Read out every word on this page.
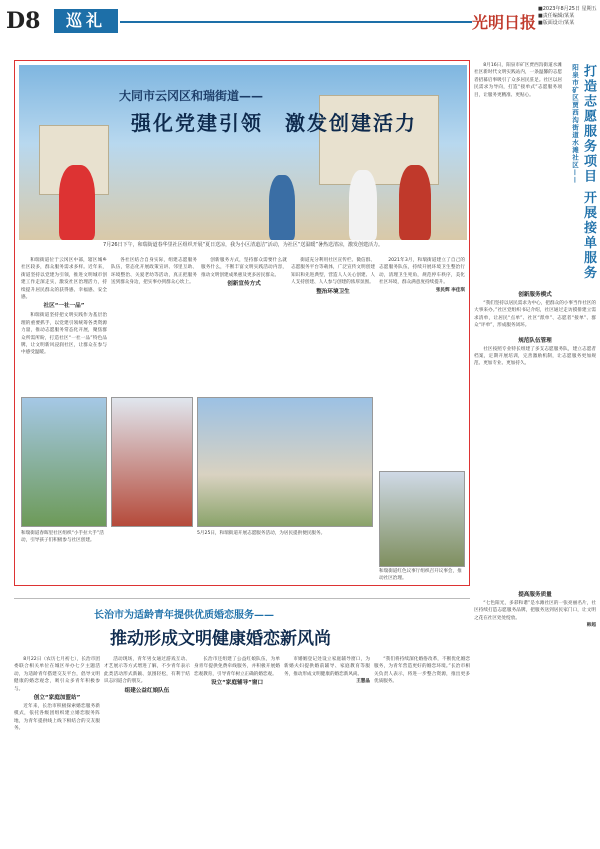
D8	巡礼	光明日报
■2023年8月25日 星期五
■责任编辑/某某
■版面设计/某某
大同市云冈区和瑞街道——
强化党建引领　激发创建活力
7月26日下午，和瑞街道春华里社区组织开展“夏日送凉，我为小区清道洁”活动，为社区“送温暖”暑热送清凉，激发创建活力。

和瑞街道位于云冈区中部，辖区城乡社区较多，群众服务需求多样。近年来，街道坚持以党建为引领，推进文明城市创建工作走深走实，激发社区治理活力，持续提升居民群众的获得感、幸福感、安全感。

社区“一社一品”

和瑞街道坚持把文明实践作为基层治理的重要抓手，以党建引领统筹各类资源力量，推动志愿服务常态化开展，聚焦群众所需所盼，打造社区“一社一品”特色品牌，让文明新风浸润社区，让群众在参与中感受温暖。

各社区结合自身实际，组建志愿服务队伍，常态化开展政策宣讲、邻里互助、环境整治、关爱老幼等活动，真正把服务送到群众身边，把实事办到群众心坎上。

创新服务方式，坚持群众需要什么就服务什么，不断丰富文明实践活动内容，推动文明创建成果惠及更多居民群众。

创新宣传方式

街道充分利用社区宣传栏、微信群、志愿服务平台等载体，广泛宣传文明创建知识和先进典型，营造人人关心创建、人人支持创建、人人参与创建的浓厚氛围。

整治环境卫生

2021年3月，和瑞街道建立了自己的志愿服务队伍，持续开展环境卫生整治行动，清理卫生死角，规范停车秩序，美化社区环境，群众满意度持续提升。

张民辉 李佳琪
和瑞街道春晖里社区组织“小手拉大手”活动，引导孩子们积极参与社区创建。
5月25日，和瑞街道开展志愿服务活动，为居民提供便民服务。
和瑞街道红色议事厅组织召开议事会，推动社区治理。
阳泉市矿区贾西沟街道水滩社区—— 打造志愿服务项目 开展接单服务

8月16日，阳泉市矿区贾西沟街道水滩社区新时代文明实践站内，一条温馨的志愿者招募启事吸引了众多居民驻足。社区以居民需求为导向，打造“接单式”志愿服务项目，让服务更精准、更贴心。

创新服务模式

“我们坚持以居民需求为中心，把群众的小事当作社区的大事来办。”社区党组织书记介绍，社区通过走访摸排建立需求清单，让居民“点单”、社区“派单”、志愿者“接单”、群众“评单”，形成服务闭环。

规范队伍管理

社区按照专业特长组建了多支志愿服务队，建立志愿者档案，定期开展培训，完善激励机制，让志愿服务更加规范、更加专业、更加持久。

提高服务质量

“七色阳光，多彩和谐”是水滩社区的一张亮丽名片，社区持续打造志愿服务品牌，把服务送到居民家门口，让文明之花在社区处处绽放。

韩超
长治市为适龄青年提供优质婚恋服务——
推动形成文明健康婚恋新风尚

8月22日（农历七月初七），长治市团委联合相关单位在城区举办七夕主题活动，为适龄青年搭建交友平台，倡导文明健康的婚恋观念，吸引众多青年积极参与。

创立“家庭加盟站”

近年来，长治市积极探索婚恋服务新模式，依托各级团组织建立婚恋服务阵地，为青年提供线上线下相结合的交友服务。

活动现场，青年男女通过游戏互动、才艺展示等方式增进了解，不少青年表示此类活动形式新颖、氛围轻松，有利于结识志同道合的朋友。

组建公益红娘队伍

长治市还组建了公益红娘队伍，为单身青年提供免费牵线服务，并积极开展婚恋观教育，引导青年树立正确的婚恋观。

设立“家庭辅导”窗口

市婚姻登记处设立家庭辅导窗口，为新婚夫妇提供婚前辅导、家庭教育等服务，推动形成文明健康的婚恋新风尚。

王慧晶

“我们将持续深化婚俗改革，不断优化婚恋服务，为青年营造更好的婚恋环境。”长治市相关负责人表示，将进一步整合资源，推出更多优质服务。
